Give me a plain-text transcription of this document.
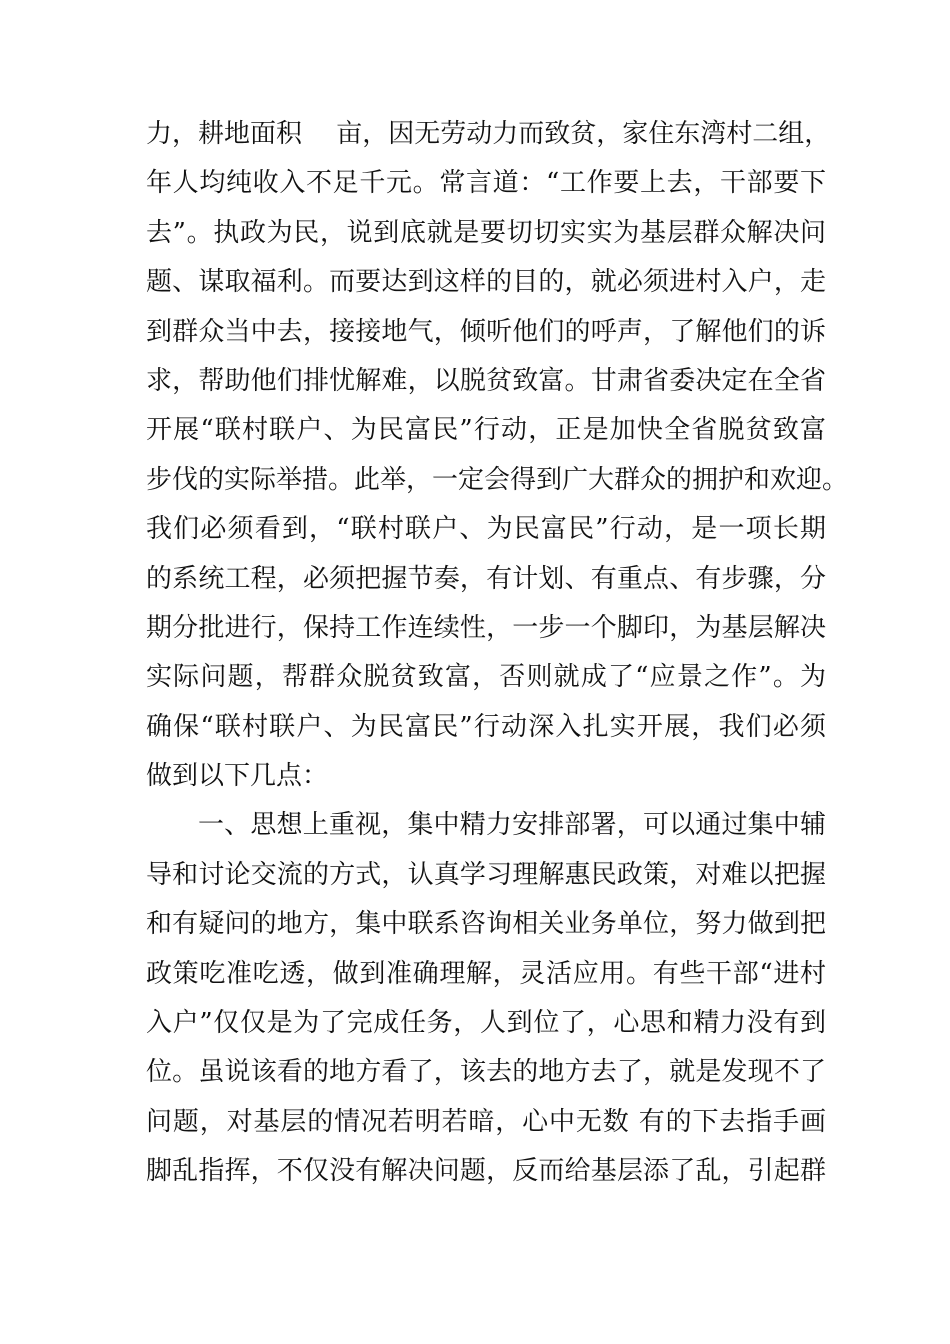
力，耕地面积　 亩，因无劳动力而致贫，家住东湾村二组，
年人均纯收入不足千元。常言道：“工作要上去，干部要下
去”。执政为民，说到底就是要切切实实为基层群众解决问
题、谋取福利。而要达到这样的目的，就必须进村入户，走
到群众当中去，接接地气，倾听他们的呼声，了解他们的诉
求，帮助他们排忧解难，以脱贫致富。甘肃省委决定在全省
开展“联村联户、为民富民”行动，正是加快全省脱贫致富
步伐的实际举措。此举，一定会得到广大群众的拥护和欢迎。
我们必须看到，“联村联户、为民富民”行动，是一项长期
的系统工程，必须把握节奏，有计划、有重点、有步骤，分
期分批进行，保持工作连续性，一步一个脚印，为基层解决
实际问题，帮群众脱贫致富，否则就成了“应景之作”。为
确保“联村联户、为民富民”行动深入扎实开展，我们必须
做到以下几点：
一、思想上重视，集中精力安排部署，可以通过集中辅
导和讨论交流的方式，认真学习理解惠民政策，对难以把握
和有疑问的地方，集中联系咨询相关业务单位，努力做到把
政策吃准吃透，做到准确理解，灵活应用。有些干部“进村
入户”仅仅是为了完成任务，人到位了，心思和精力没有到
位。虽说该看的地方看了，该去的地方去了，就是发现不了
问题，对基层的情况若明若暗，心中无数 有的下去指手画
脚乱指挥，不仅没有解决问题，反而给基层添了乱，引起群
